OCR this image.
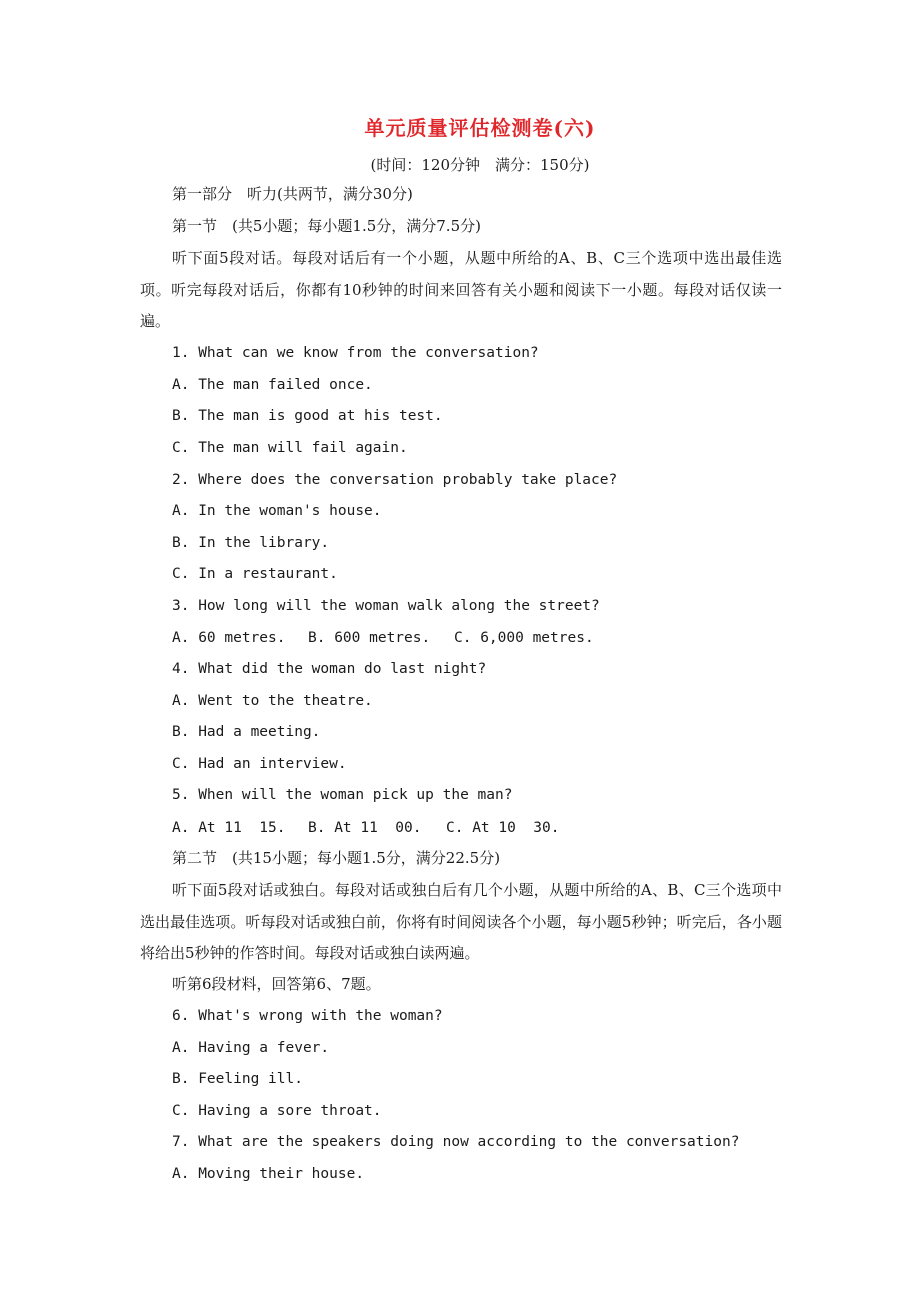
单元质量评估检测卷(六)
(时间：120分钟　满分：150分)
第一部分　听力(共两节，满分30分)
第一节　(共5小题；每小题1.5分，满分7.5分)
听下面5段对话。每段对话后有一个小题，从题中所给的A、B、C三个选项中选出最佳选项。听完每段对话后，你都有10秒钟的时间来回答有关小题和阅读下一小题。每段对话仅读一遍。
1. What can we know from the conversation?
A. The man failed once.
B. The man is good at his test.
C. The man will fail again.
2. Where does the conversation probably take place?
A. In the woman's house.
B. In the library.
C. In a restaurant.
3. How long will the woman walk along the street?
A. 60 metres. B. 600 metres. C. 6,000 metres.
4. What did the woman do last night?
A. Went to the theatre.
B. Had a meeting.
C. Had an interview.
5. When will the woman pick up the man?
A. At 11  15. B. At 11  00. C. At 10  30.
第二节　(共15小题；每小题1.5分，满分22.5分)
听下面5段对话或独白。每段对话或独白后有几个小题，从题中所给的A、B、C三个选项中选出最佳选项。听每段对话或独白前，你将有时间阅读各个小题，每小题5秒钟；听完后，各小题将给出5秒钟的作答时间。每段对话或独白读两遍。
听第6段材料，回答第6、7题。
6. What's wrong with the woman?
A. Having a fever.
B. Feeling ill.
C. Having a sore throat.
7. What are the speakers doing now according to the conversation?
A. Moving their house.
